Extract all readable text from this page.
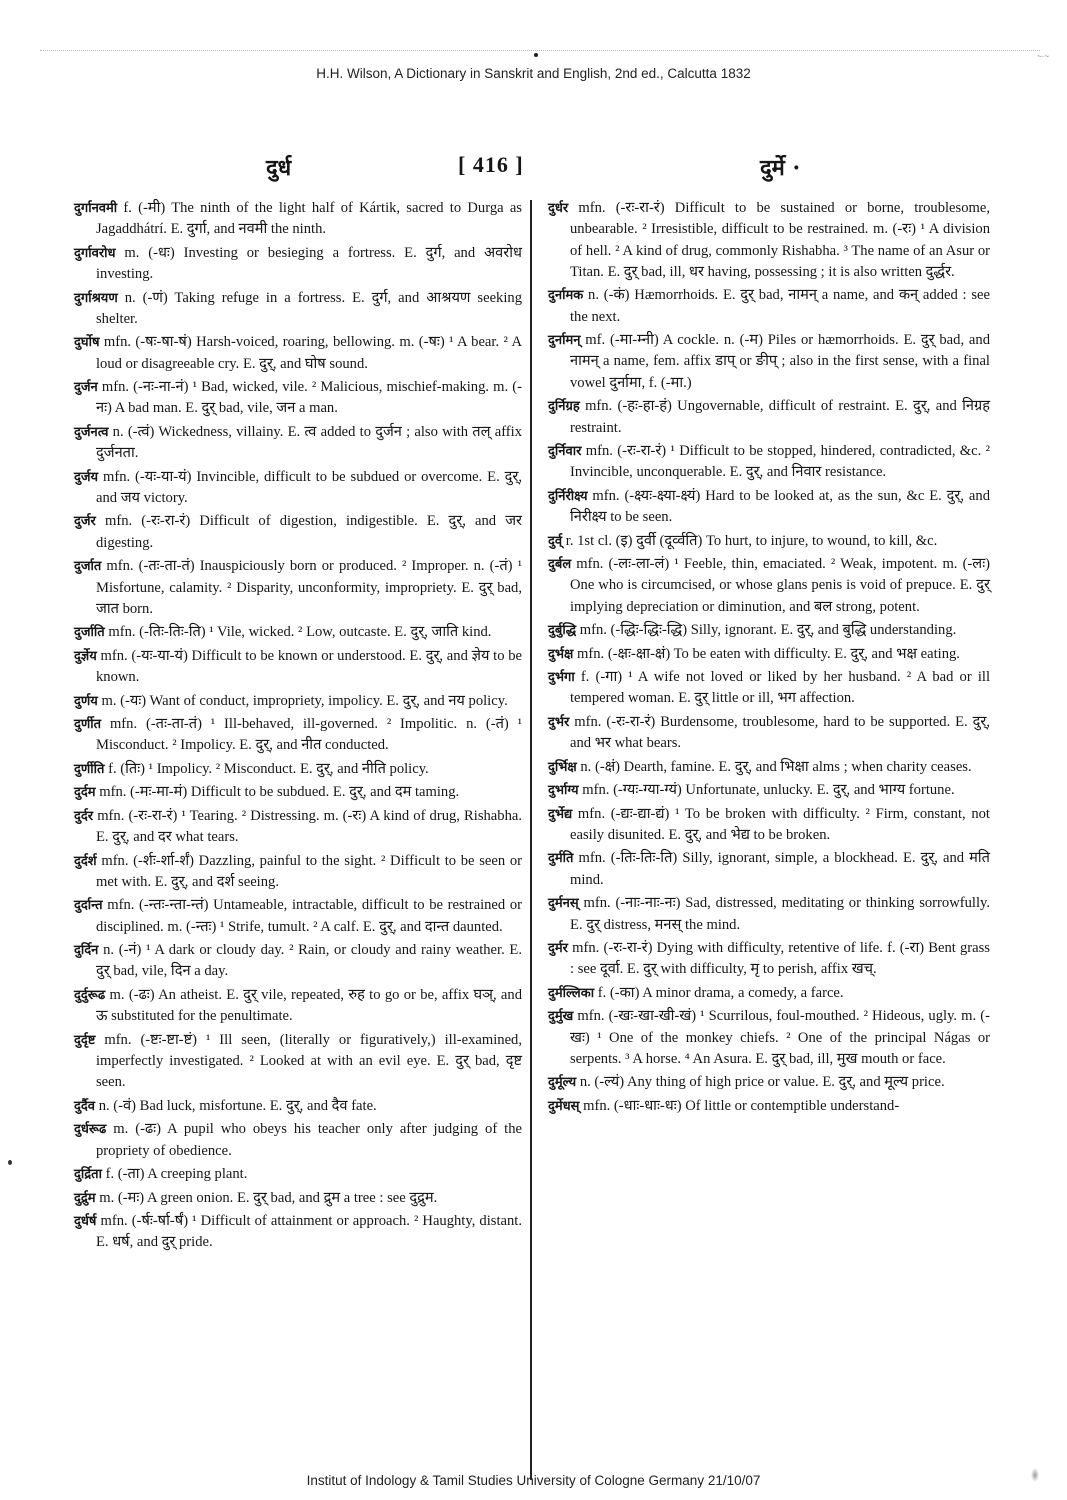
~·~
H.H. Wilson, A Dictionary in Sanskrit and English, 2nd ed., Calcutta 1832
दुर्ध	[ 416 ]	दुर्मे ·

दुर्गानवमी f. (-मी) The ninth of the light half of Kártik, sacred to Durga as Jagaddhátrí. E. दुर्गा, and नवमी the ninth.

दुर्गावरोध m. (-धः) Investing or besieging a fortress. E. दुर्ग, and अवरोध investing.

दुर्गाश्रयण n. (-णं) Taking refuge in a fortress. E. दुर्ग, and आश्रयण seeking shelter.

दुर्घोष mfn. (-षः-षा-षं) Harsh-voiced, roaring, bellowing. m. (-षः) ¹ A bear. ² A loud or disagreeable cry. E. दुर्, and घोष sound.

दुर्जन mfn. (-नः-ना-नं) ¹ Bad, wicked, vile. ² Malicious, mischief-making. m. (-नः) A bad man. E. दुर् bad, vile, जन a man.

दुर्जनत्व n. (-त्वं) Wickedness, villainy. E. त्व added to दुर्जन ; also with तल् affix दुर्जनता.

दुर्जय mfn. (-यः-या-यं) Invincible, difficult to be subdued or overcome. E. दुर्, and जय victory.

दुर्जर mfn. (-रः-रा-रं) Difficult of digestion, indigestible. E. दुर्, and जर digesting.

दुर्जात mfn. (-तः-ता-तं) Inauspiciously born or produced. ² Improper. n. (-तं) ¹ Misfortune, calamity. ² Disparity, unconformity, impropriety. E. दुर् bad, जात born.

दुर्जाति mfn. (-तिः-तिः-ति) ¹ Vile, wicked. ² Low, outcaste. E. दुर्, जाति kind.

दुर्ज्ञेय mfn. (-यः-या-यं) Difficult to be known or understood. E. दुर्, and ज्ञेय to be known.

दुर्णय m. (-यः) Want of conduct, impropriety, impolicy. E. दुर्, and नय policy.

दुर्णीत mfn. (-तः-ता-तं) ¹ Ill-behaved, ill-governed. ² Impolitic. n. (-तं) ¹ Misconduct. ² Impolicy. E. दुर्, and नीत conducted.

दुर्णीति f. (तिः) ¹ Impolicy. ² Misconduct. E. दुर्, and नीति policy.

दुर्दम mfn. (-मः-मा-मं) Difficult to be subdued. E. दुर्, and दम taming.

दुर्दर mfn. (-रः-रा-रं) ¹ Tearing. ² Distressing. m. (-रः) A kind of drug, Rishabha. E. दुर्, and दर what tears.

दुर्दर्श mfn. (-र्शः-र्शा-र्शं) Dazzling, painful to the sight. ² Difficult to be seen or met with. E. दुर्, and दर्श seeing.

दुर्दान्त mfn. (-न्तः-न्ता-न्तं) Untameable, intractable, difficult to be restrained or disciplined. m. (-न्तः) ¹ Strife, tumult. ² A calf. E. दुर्, and दान्त daunted.

दुर्दिन n. (-नं) ¹ A dark or cloudy day. ² Rain, or cloudy and rainy weather. E. दुर् bad, vile, दिन a day.

दुर्दुरूढ m. (-ढः) An atheist. E. दुर् vile, repeated, रुह to go or be, affix घञ्, and ऊ substituted for the penultimate.

दुर्दृष्ट mfn. (-ष्टः-ष्टा-ष्टं) ¹ Ill seen, (literally or figuratively,) ill-examined, imperfectly investigated. ² Looked at with an evil eye. E. दुर् bad, दृष्ट seen.

दुर्दैव n. (-वं) Bad luck, misfortune. E. दुर्, and दैव fate.

दुर्धरूढ m. (-ढः) A pupil who obeys his teacher only after judging of the propriety of obedience.

दुर्द्रिता f. (-ता) A creeping plant.

दुर्द्रुम m. (-मः) A green onion. E. दुर् bad, and द्रुम a tree : see दुद्रुम.

दुर्धर्ष mfn. (-र्षः-र्षा-र्षं) ¹ Difficult of attainment or approach. ² Haughty, distant. E. धर्ष, and दुर् pride.

दुर्धर mfn. (-रः-रा-रं) Difficult to be sustained or borne, troublesome, unbearable. ² Irresistible, difficult to be restrained. m. (-रः) ¹ A division of hell. ² A kind of drug, commonly Rishabha. ³ The name of an Asur or Titan. E. दुर् bad, ill, धर having, possessing ; it is also written दुर्द्धर.

दुर्नामक n. (-कं) Hæmorrhoids. E. दुर् bad, नामन् a name, and कन् added : see the next.

दुर्नामन् mf. (-मा-म्नी) A cockle. n. (-म) Piles or hæmorrhoids. E. दुर् bad, and नामन् a name, fem. affix डाप् or ङीप् ; also in the first sense, with a final vowel दुर्नामा, f. (-मा.)

दुर्निग्रह mfn. (-हः-हा-हं) Ungovernable, difficult of restraint. E. दुर्, and निग्रह restraint.

दुर्निवार mfn. (-रः-रा-रं) ¹ Difficult to be stopped, hindered, contradicted, &c. ² Invincible, unconquerable. E. दुर्, and निवार resistance.

दुर्निरीक्ष्य mfn. (-क्ष्यः-क्ष्या-क्ष्यं) Hard to be looked at, as the sun, &c E. दुर्, and निरीक्ष्य to be seen.

दुर्व् r. 1st cl. (इ) दुर्वी (दूर्व्वति) To hurt, to injure, to wound, to kill, &c.

दुर्बल mfn. (-लः-ला-लं) ¹ Feeble, thin, emaciated. ² Weak, impotent. m. (-लः) One who is circumcised, or whose glans penis is void of prepuce. E. दुर् implying depreciation or diminution, and बल strong, potent.

दुर्बुद्धि mfn. (-द्धिः-द्धिः-द्धि) Silly, ignorant. E. दुर्, and बुद्धि understanding.

दुर्भक्ष mfn. (-क्षः-क्षा-क्षं) To be eaten with difficulty. E. दुर्, and भक्ष eating.

दुर्भगा f. (-गा) ¹ A wife not loved or liked by her husband. ² A bad or ill tempered woman. E. दुर् little or ill, भग affection.

दुर्भर mfn. (-रः-रा-रं) Burdensome, troublesome, hard to be supported. E. दुर्, and भर what bears.

दुर्भिक्ष n. (-क्षं) Dearth, famine. E. दुर्, and भिक्षा alms ; when charity ceases.

दुर्भाग्य mfn. (-ग्यः-ग्या-ग्यं) Unfortunate, unlucky. E. दुर्, and भाग्य fortune.

दुर्भेद्य mfn. (-द्यः-द्या-द्यं) ¹ To be broken with difficulty. ² Firm, constant, not easily disunited. E. दुर्, and भेद्य to be broken.

दुर्मति mfn. (-तिः-तिः-ति) Silly, ignorant, simple, a blockhead. E. दुर्, and मति mind.

दुर्मनस् mfn. (-नाः-नाः-नः) Sad, distressed, meditating or thinking sorrowfully. E. दुर् distress, मनस् the mind.

दुर्मर mfn. (-रः-रा-रं) Dying with difficulty, retentive of life. f. (-रा) Bent grass : see दूर्वा. E. दुर् with difficulty, मृ to perish, affix खच्.

दुर्मल्लिका f. (-का) A minor drama, a comedy, a farce.

दुर्मुख mfn. (-खः-खा-खी-खं) ¹ Scurrilous, foul-mouthed. ² Hideous, ugly. m. (-खः) ¹ One of the monkey chiefs. ² One of the principal Nágas or serpents. ³ A horse. ⁴ An Asura. E. दुर् bad, ill, मुख mouth or face.

दुर्मूल्य n. (-ल्यं) Any thing of high price or value. E. दुर्, and मूल्य price.

दुर्मेधस् mfn. (-धाः-धाः-धः) Of little or contemptible understand-

Institut of Indology & Tamil Studies University of Cologne Germany 21/10/07
